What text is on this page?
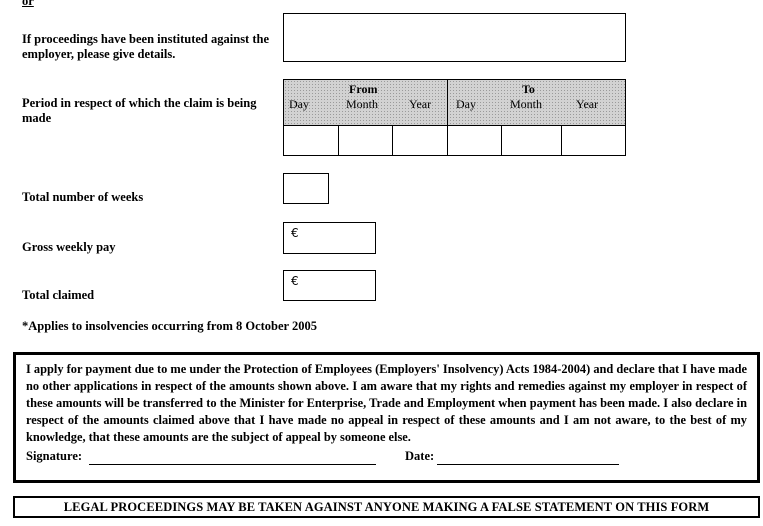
or
If proceedings have been instituted against the employer, please give details.
Period in respect of which the claim is being made
From	To
Day	Month	Year Day	Month	Year
Total number of weeks
Gross weekly pay
€
Total claimed
€
*Applies to insolvencies occurring from 8 October 2005
I apply for payment due to me under the Protection of Employees (Employers' Insolvency) Acts 1984-2004) and declare that I have made no other applications in respect of the amounts shown above. I am aware that my rights and remedies against my employer in respect of these amounts will be transferred to the Minister for Enterprise, Trade and Employment when payment has been made. I also declare in respect of the amounts claimed above that I have made no appeal in respect of these amounts and I am not aware, to the best of my knowledge, that these amounts are the subject of appeal by someone else.
Signature:	Date:
LEGAL PROCEEDINGS MAY BE TAKEN AGAINST ANYONE MAKING A FALSE STATEMENT ON THIS FORM
